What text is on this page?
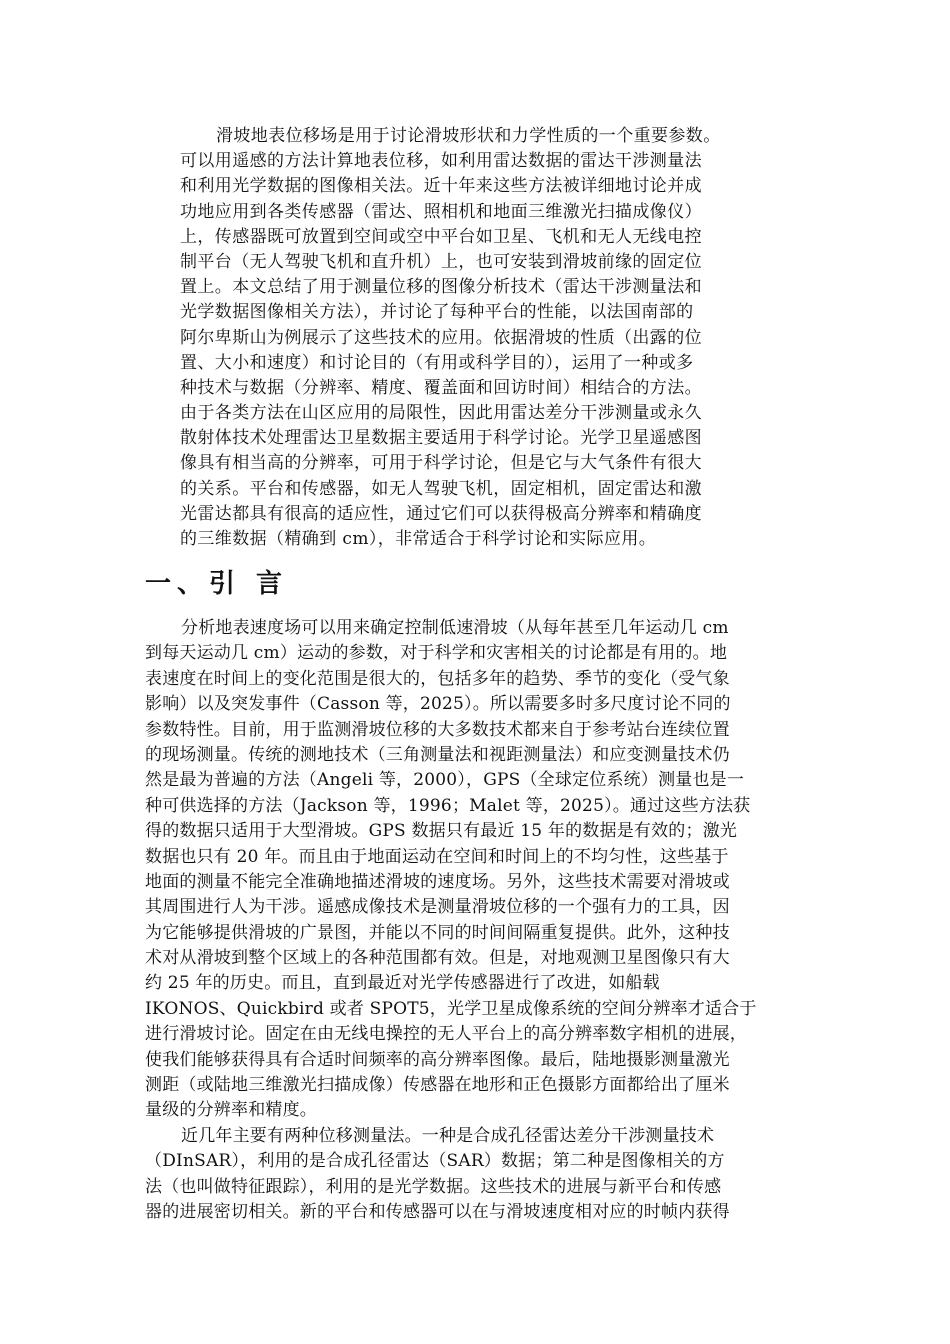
滑坡地表位移场是用于讨论滑坡形状和力学性质的一个重要参数。
可以用遥感的方法计算地表位移，如利用雷达数据的雷达干涉测量法
和利用光学数据的图像相关法。近十年来这些方法被详细地讨论并成
功地应用到各类传感器（雷达、照相机和地面三维激光扫描成像仪）
上，传感器既可放置到空间或空中平台如卫星、飞机和无人无线电控
制平台（无人驾驶飞机和直升机）上，也可安装到滑坡前缘的固定位
置上。本文总结了用于测量位移的图像分析技术（雷达干涉测量法和
光学数据图像相关方法），并讨论了每种平台的性能，以法国南部的
阿尔卑斯山为例展示了这些技术的应用。依据滑坡的性质（出露的位
置、大小和速度）和讨论目的（有用或科学目的），运用了一种或多
种技术与数据（分辨率、精度、覆盖面和回访时间）相结合的方法。
由于各类方法在山区应用的局限性，因此用雷达差分干涉测量或永久
散射体技术处理雷达卫星数据主要适用于科学讨论。光学卫星遥感图
像具有相当高的分辨率，可用于科学讨论，但是它与大气条件有很大
的关系。平台和传感器，如无人驾驶飞机，固定相机，固定雷达和激
光雷达都具有很高的适应性，通过它们可以获得极高分辨率和精确度
的三维数据（精确到 cm），非常适合于科学讨论和实际应用。
一、引 言
分析地表速度场可以用来确定控制低速滑坡（从每年甚至几年运动几 cm
到每天运动几 cm）运动的参数，对于科学和灾害相关的讨论都是有用的。地
表速度在时间上的变化范围是很大的，包括多年的趋势、季节的变化（受气象
影响）以及突发事件（Casson 等，2025）。所以需要多时多尺度讨论不同的
参数特性。目前，用于监测滑坡位移的大多数技术都来自于参考站台连续位置
的现场测量。传统的测地技术（三角测量法和视距测量法）和应变测量技术仍
然是最为普遍的方法（Angeli 等，2000），GPS（全球定位系统）测量也是一
种可供选择的方法（Jackson 等，1996；Malet 等，2025）。通过这些方法获
得的数据只适用于大型滑坡。GPS 数据只有最近 15 年的数据是有效的；激光
数据也只有 20 年。而且由于地面运动在空间和时间上的不均匀性，这些基于
地面的测量不能完全准确地描述滑坡的速度场。另外，这些技术需要对滑坡或
其周围进行人为干涉。遥感成像技术是测量滑坡位移的一个强有力的工具，因
为它能够提供滑坡的广景图，并能以不同的时间间隔重复提供。此外，这种技
术对从滑坡到整个区域上的各种范围都有效。但是，对地观测卫星图像只有大
约 25 年的历史。而且，直到最近对光学传感器进行了改进，如船载
IKONOS、Quickbird 或者 SPOT5，光学卫星成像系统的空间分辨率才适合于
进行滑坡讨论。固定在由无线电操控的无人平台上的高分辨率数字相机的进展，
使我们能够获得具有合适时间频率的高分辨率图像。最后，陆地摄影测量激光
测距（或陆地三维激光扫描成像）传感器在地形和正色摄影方面都给出了厘米
量级的分辨率和精度。
近几年主要有两种位移测量法。一种是合成孔径雷达差分干涉测量技术
（DInSAR），利用的是合成孔径雷达（SAR）数据；第二种是图像相关的方
法（也叫做特征跟踪），利用的是光学数据。这些技术的进展与新平台和传感
器的进展密切相关。新的平台和传感器可以在与滑坡速度相对应的时帧内获得
